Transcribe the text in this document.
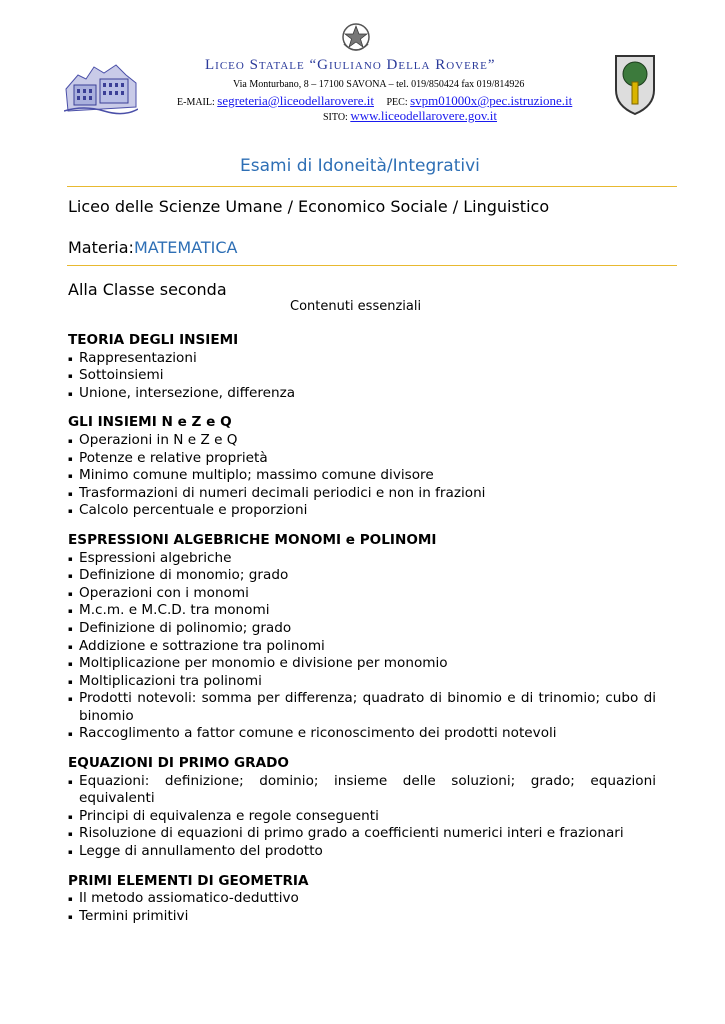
Liceo Statale “Giuliano Della Rovere”
Via Monturbano, 8 – 17100 SAVONA – tel. 019/850424 fax 019/814926
E-MAIL: segreteria@liceodellarovere.it PEC: svpm01000x@pec.istruzione.it
SITO: www.liceodellarovere.gov.it
Esami di Idoneità/Integrativi
Liceo delle Scienze Umane / Economico Sociale / Linguistico
Materia:MATEMATICA
Alla Classe seconda
Contenuti essenziali
TEORIA DEGLI INSIEMI
▪ Rappresentazioni
▪ Sottoinsiemi
▪ Unione, intersezione, differenza
GLI INSIEMI N e Z e Q
▪ Operazioni in N e Z e Q
▪ Potenze e relative proprietà
▪ Minimo comune multiplo; massimo comune divisore
▪ Trasformazioni di numeri decimali periodici e non in frazioni
▪ Calcolo percentuale e proporzioni
ESPRESSIONI ALGEBRICHE MONOMI e POLINOMI
▪ Espressioni algebriche
▪ Definizione di monomio; grado
▪ Operazioni con i monomi
▪ M.c.m. e M.C.D. tra monomi
▪ Definizione di polinomio; grado
▪ Addizione e sottrazione tra polinomi
▪ Moltiplicazione per monomio e divisione per monomio
▪ Moltiplicazioni tra polinomi
▪ Prodotti notevoli: somma per differenza; quadrato di binomio e di trinomio; cubo di binomio
▪ Raccoglimento a fattor comune e riconoscimento dei prodotti notevoli
EQUAZIONI DI PRIMO GRADO
▪ Equazioni: definizione; dominio; insieme delle soluzioni; grado; equazioni equivalenti
▪ Principi di equivalenza e regole conseguenti
▪ Risoluzione di equazioni di primo grado a coefficienti numerici interi e frazionari
▪ Legge di annullamento del prodotto
PRIMI ELEMENTI DI GEOMETRIA
▪ Il metodo assiomatico-deduttivo
▪ Termini primitivi
